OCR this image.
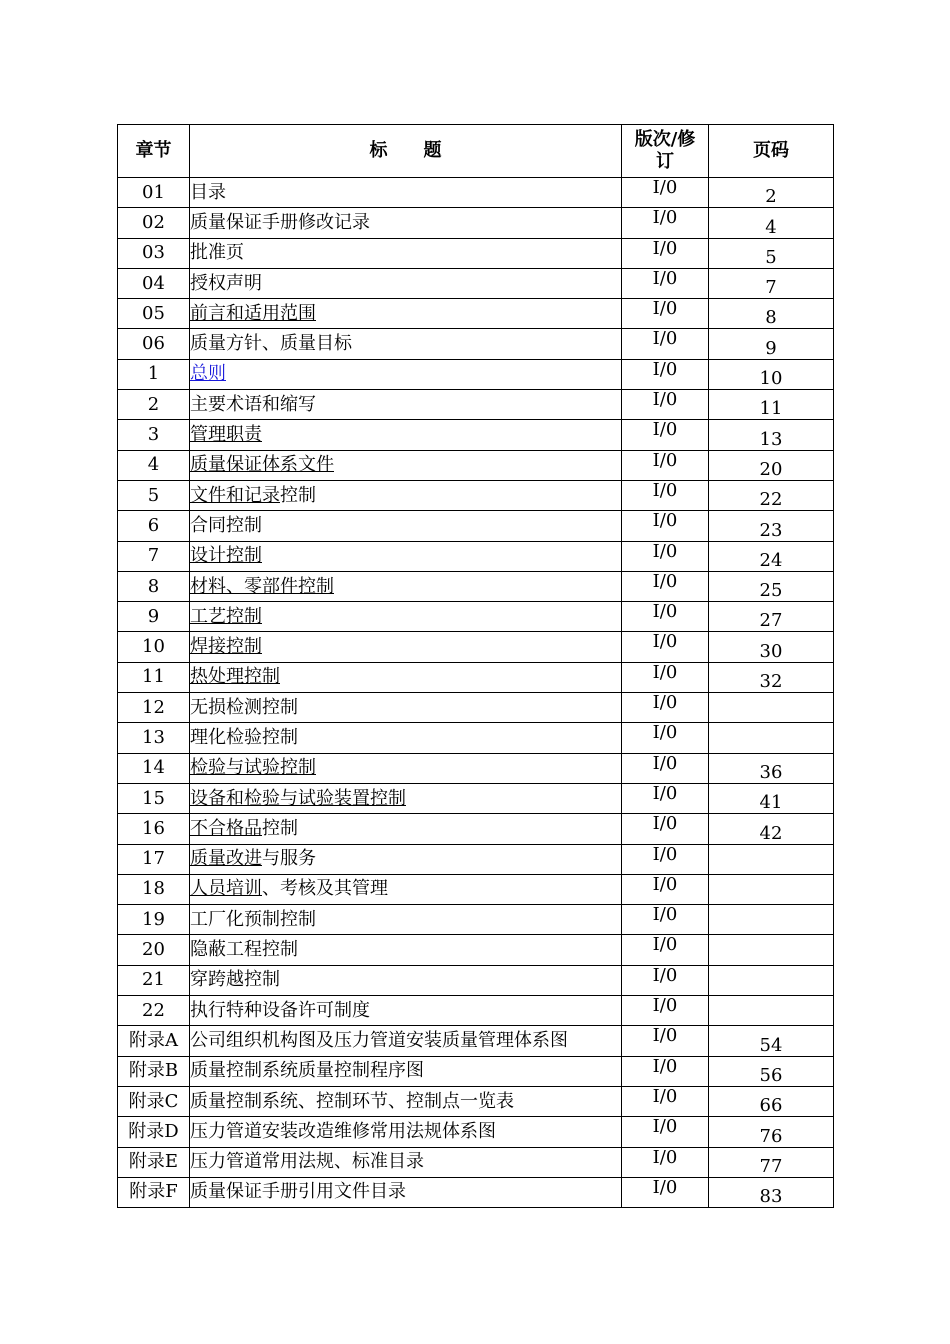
章节	标　　题	版次/修订	页码
01	目录	Ⅰ/0	2
02	质量保证手册修改记录	Ⅰ/0	4
03	批准页	Ⅰ/0	5
04	授权声明	Ⅰ/0	7
05	前言和适用范围	Ⅰ/0	8
06	质量方针、质量目标	Ⅰ/0	9
1	总则	Ⅰ/0	10
2	主要术语和缩写	Ⅰ/0	11
3	管理职责	Ⅰ/0	13
4	质量保证体系文件	Ⅰ/0	20
5	文件和记录控制	Ⅰ/0	22
6	合同控制	Ⅰ/0	23
7	设计控制	Ⅰ/0	24
8	材料、零部件控制	Ⅰ/0	25
9	工艺控制	Ⅰ/0	27
10	焊接控制	Ⅰ/0	30
11	热处理控制	Ⅰ/0	32
12	无损检测控制	Ⅰ/0	
13	理化检验控制	Ⅰ/0	
14	检验与试验控制	Ⅰ/0	36
15	设备和检验与试验装置控制	Ⅰ/0	41
16	不合格品控制	Ⅰ/0	42
17	质量改进与服务	Ⅰ/0	
18	人员培训、考核及其管理	Ⅰ/0	
19	工厂化预制控制	Ⅰ/0	
20	隐蔽工程控制	Ⅰ/0	
21	穿跨越控制	Ⅰ/0	
22	执行特种设备许可制度	Ⅰ/0	
附录A	公司组织机构图及压力管道安装质量管理体系图	Ⅰ/0	54
附录B	质量控制系统质量控制程序图	Ⅰ/0	56
附录C	质量控制系统、控制环节、控制点一览表	Ⅰ/0	66
附录D	压力管道安装改造维修常用法规体系图	Ⅰ/0	76
附录E	压力管道常用法规、标准目录	Ⅰ/0	77
附录F	质量保证手册引用文件目录	Ⅰ/0	83
